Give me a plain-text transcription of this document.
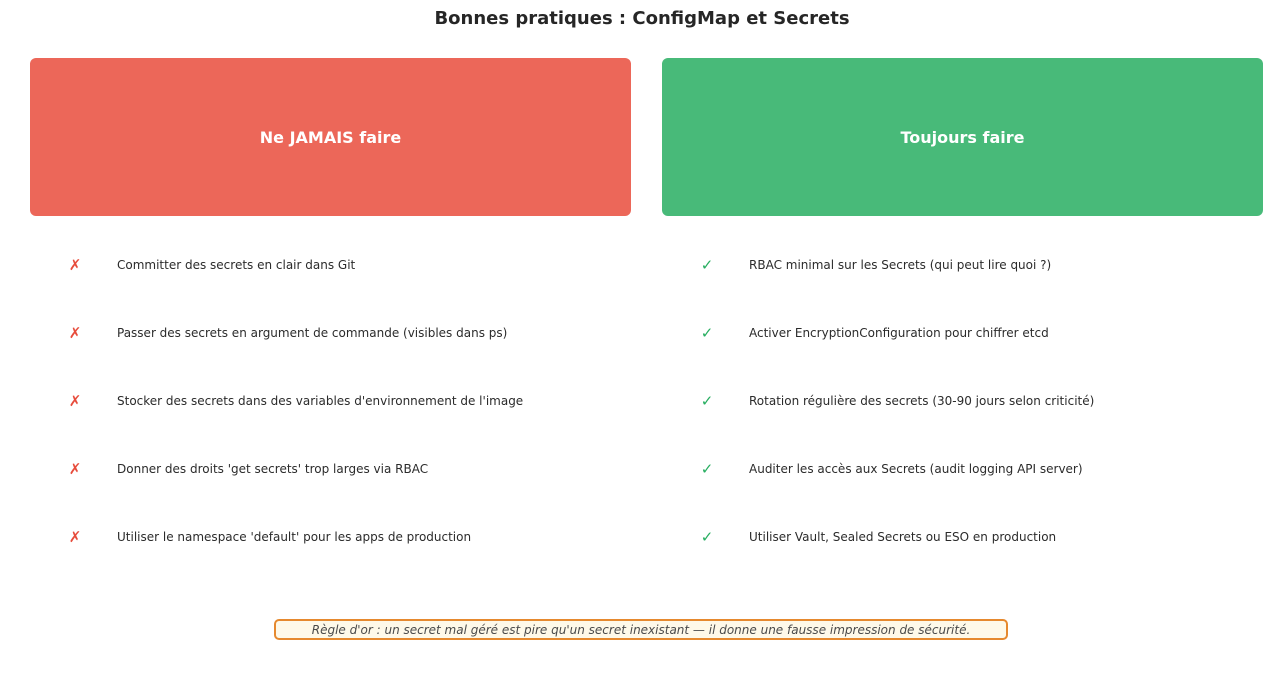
Bonnes pratiques : ConfigMap et Secrets
Ne JAMAIS faire	Toujours faire
✗	Committer des secrets en clair dans Git
✗	Passer des secrets en argument de commande (visibles dans ps)
✗	Stocker des secrets dans des variables d'environnement de l'image
✗	Donner des droits 'get secrets' trop larges via RBAC
✗	Utiliser le namespace 'default' pour les apps de production
✓	RBAC minimal sur les Secrets (qui peut lire quoi ?)
✓	Activer EncryptionConfiguration pour chiffrer etcd
✓	Rotation régulière des secrets (30-90 jours selon criticité)
✓	Auditer les accès aux Secrets (audit logging API server)
✓	Utiliser Vault, Sealed Secrets ou ESO en production
Règle d'or : un secret mal géré est pire qu'un secret inexistant — il donne une fausse impression de sécurité.
